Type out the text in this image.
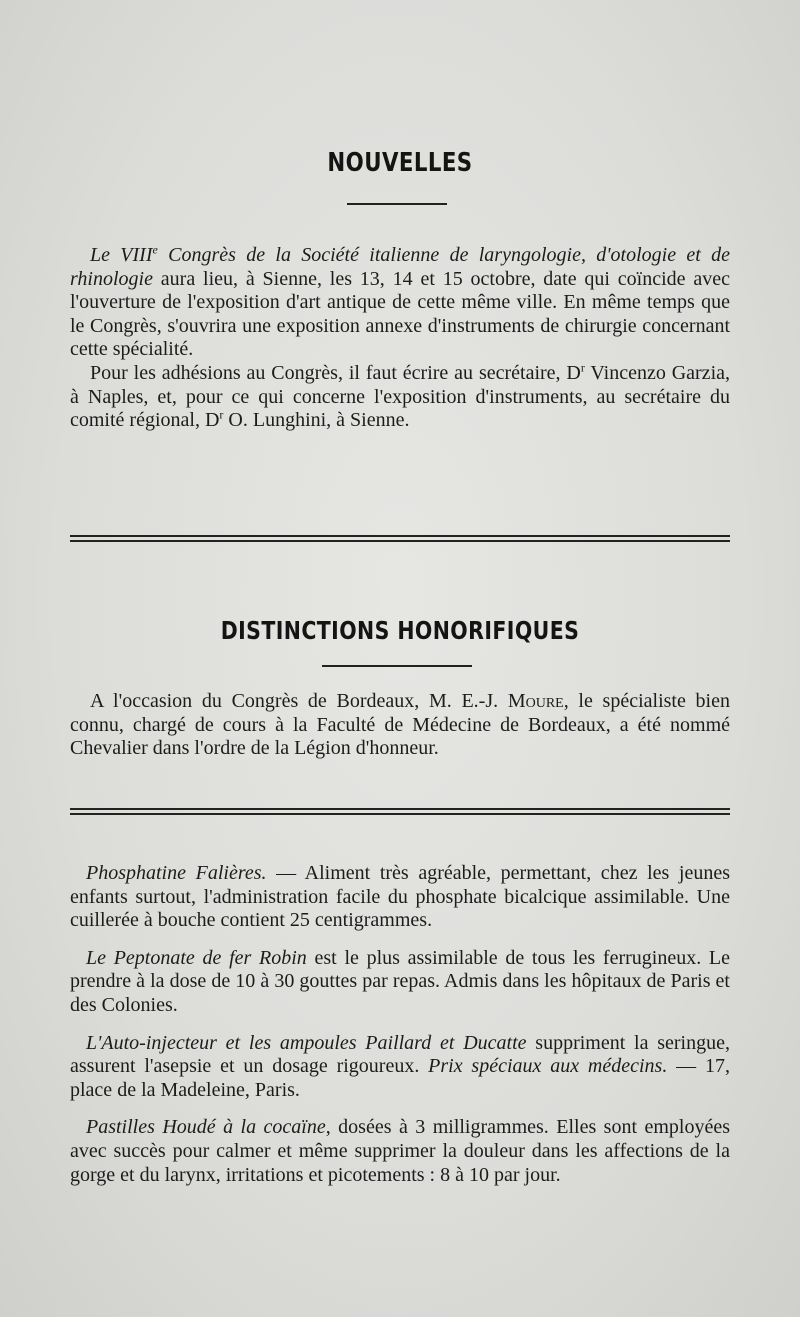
NOUVELLES

Le VIIIe Congrès de la Société italienne de laryngologie, d'otologie et de rhinologie aura lieu, à Sienne, les 13, 14 et 15 octobre, date qui coïncide avec l'ouverture de l'exposition d'art antique de cette même ville. En même temps que le Congrès, s'ouvrira une exposition annexe d'instruments de chirurgie concernant cette spécialité.

Pour les adhésions au Congrès, il faut écrire au secrétaire, $D^r$ Vincenzo Garzia, à Naples, et, pour ce qui concerne l'exposition d'instruments, au secrétaire du comité régional, $D^r$ O. Lunghini, à Sienne.

DISTINCTIONS HONORIFIQUES

A l'occasion du Congrès de Bordeaux, M. E.-J. Moure, le spécialiste bien connu, chargé de cours à la Faculté de Médecine de Bordeaux, a été nommé Chevalier dans l'ordre de la Légion d'honneur.

Phosphatine Falières. — Aliment très agréable, permettant, chez les jeunes enfants surtout, l'administration facile du phosphate bicalcique assimilable. Une cuillerée à bouche contient 25 centigrammes.

Le Peptonate de fer Robin est le plus assimilable de tous les ferrugineux. Le prendre à la dose de 10 à 30 gouttes par repas. Admis dans les hôpitaux de Paris et des Colonies.

L'Auto-injecteur et les ampoules Paillard et Ducatte suppriment la seringue, assurent l'asepsie et un dosage rigoureux. Prix spéciaux aux médecins. — 17, place de la Madeleine, Paris.

Pastilles Houdé à la cocaïne, dosées à 3 milligrammes. Elles sont employées avec succès pour calmer et même supprimer la douleur dans les affections de la gorge et du larynx, irritations et picotements : 8 à 10 par jour.
